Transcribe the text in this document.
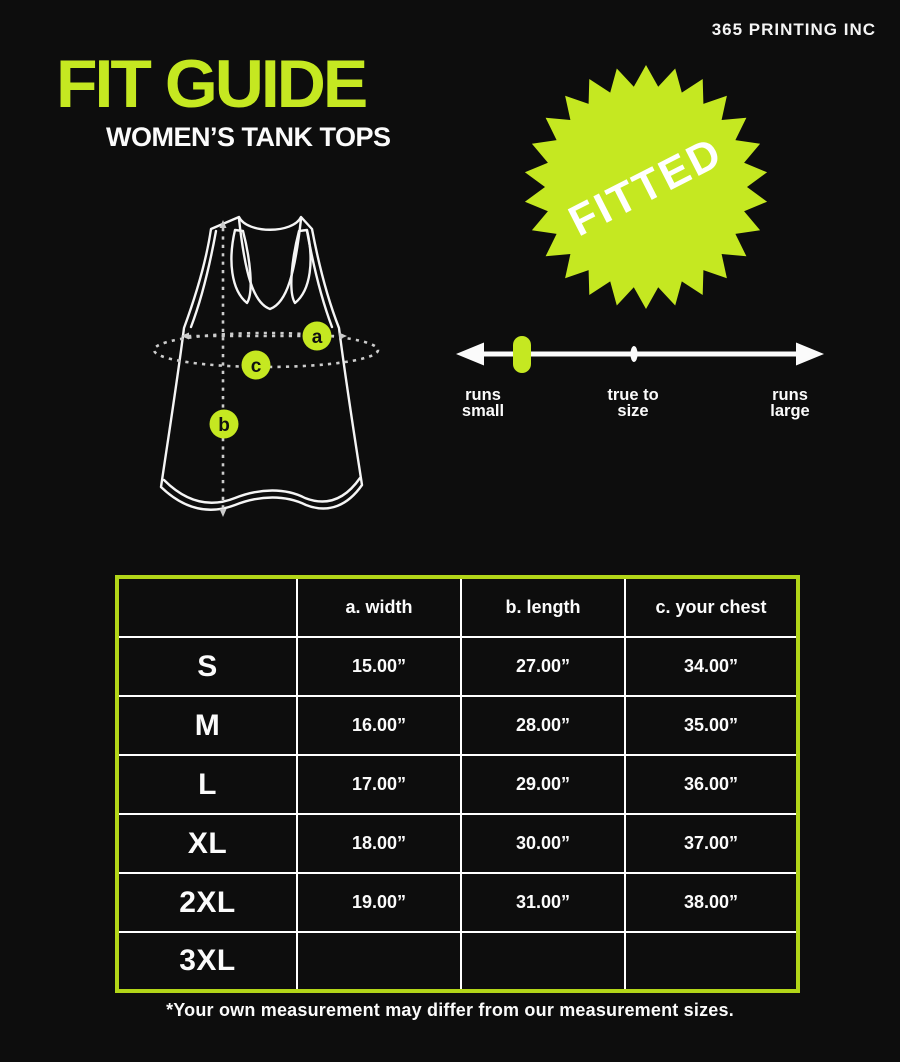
365 PRINTING INC
FIT GUIDE
WOMEN’S TANK TOPS	FITTED
a
c
b
runs
small
true to
size
runs
large
	a. width	b. length	c. your chest
S	15.00”	27.00”	34.00”
M	16.00”	28.00”	35.00”
L	17.00”	29.00”	36.00”
XL	18.00”	30.00”	37.00”
2XL	19.00”	31.00”	38.00”
3XL			
*Your own measurement may differ from our measurement sizes.
